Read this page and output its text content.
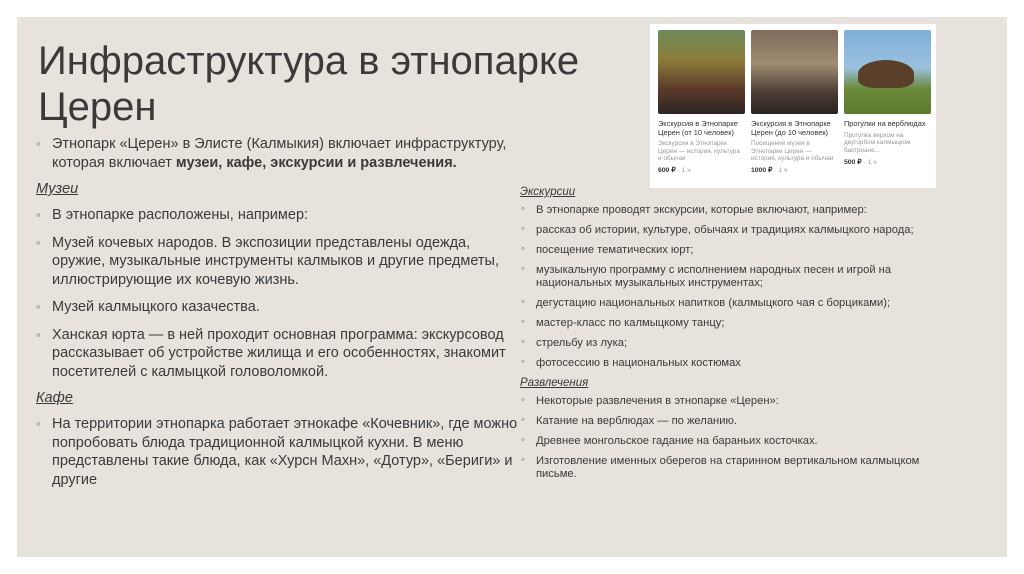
Инфраструктура в этнопарке Церен	Экскурсия в Этнопарке Церен (от 10 человек)
Экскурсия в Этнопарке Церен — история, культура и обычаи
600 ₽ · 1 ч
Экскурсия в Этнопарке Церен (до 10 человек)
Посещение музея в Этнопарке Церен — история, культура и обычаи
1000 ₽ · 1 ч
Прогулки на верблюдах
Прогулка верхом на двугорбом калмыцком бактриане...
500 ₽ · 1 ч
◦ Этнопарк «Церен» в Элисте (Калмыкия) включает инфраструктуру, которая включает музеи, кафе, экскурсии и развлечения.
Музеи
◦ В этнопарке расположены, например:
◦ Музей кочевых народов. В экспозиции представлены одежда, оружие, музыкальные инструменты калмыков и другие предметы, иллюстрирующие их кочевую жизнь.
◦ Музей калмыцкого казачества.
◦ Ханская юрта — в ней проходит основная программа: экскурсовод рассказывает об устройстве жилища и его особенностях, знакомит посетителей с калмыцкой головоломкой.
Кафе
◦ На территории этнопарка работает этнокафе «Кочевник», где можно попробовать блюда традиционной калмыцкой кухни. В меню представлены такие блюда, как «Хурсн Махн», «Дотур», «Бериги» и другие
Экскурсии
◦ В этнопарке проводят экскурсии, которые включают, например:
◦ рассказ об истории, культуре, обычаях и традициях калмыцкого народа;
◦ посещение тематических юрт;
◦ музыкальную программу с исполнением народных песен и игрой на национальных музыкальных инструментах;
◦ дегустацию национальных напитков (калмыцкого чая с борциками);
◦ мастер-класс по калмыцкому танцу;
◦ стрельбу из лука;
◦ фотосессию в национальных костюмах
Развлечения
◦ Некоторые развлечения в этнопарке «Церен»:
◦ Катание на верблюдах — по желанию.
◦ Древнее монгольское гадание на бараньих косточках.
◦ Изготовление именных оберегов на старинном вертикальном калмыцком письме.
